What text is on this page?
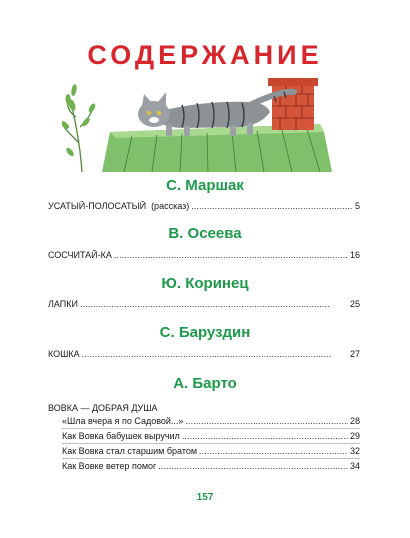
СОДЕРЖАНИЕ
С. Маршак
УСАТЫЙ-ПОЛОСАТЫЙ (рассказ) . . .	5
В. Осеева
СОСЧИТАЙ-КА . . .	16
Ю. Коринец
ЛАПКИ . . .	25
С. Баруздин
КОШКА . . .	27
А. Барто
ВОВКА — ДОБРАЯ ДУША
«Шла вчера я по Садовой...» . . .	28
Как Вовка бабушек выручил . . .	29
Как Вовка стал старшим братом . . .	32
Как Вовке ветер помог . . .	34
157
